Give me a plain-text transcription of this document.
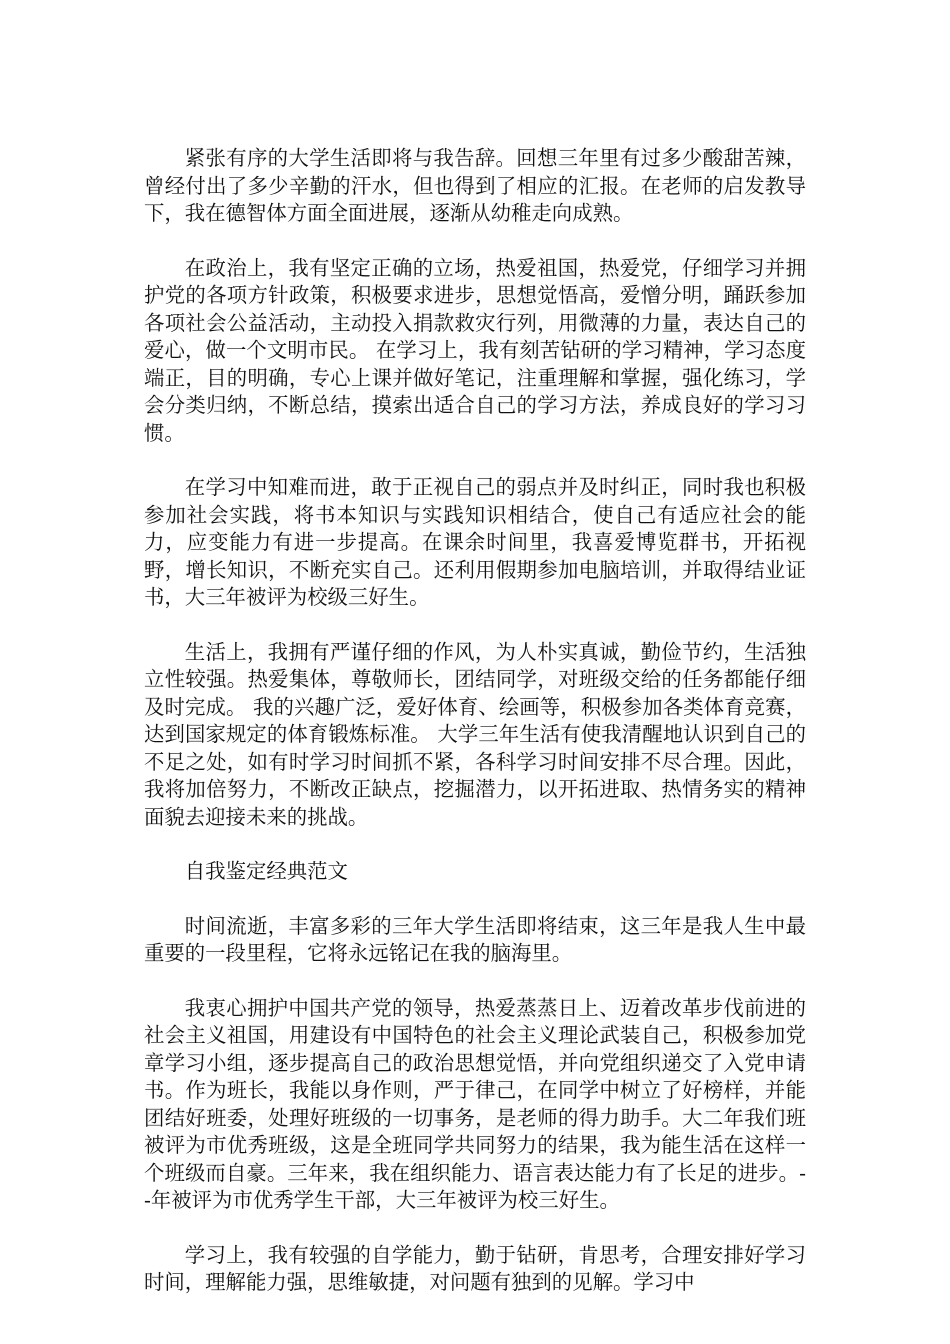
紧张有序的大学生活即将与我告辞。回想三年里有过多少酸甜苦辣，曾经付出了多少辛勤的汗水，但也得到了相应的汇报。在老师的启发教导下，我在德智体方面全面进展，逐渐从幼稚走向成熟。

在政治上，我有坚定正确的立场，热爱祖国，热爱党，仔细学习并拥护党的各项方针政策，积极要求进步，思想觉悟高，爱憎分明，踊跃参加各项社会公益活动，主动投入捐款救灾行列，用微薄的力量，表达自己的爱心，做一个文明市民。 在学习上，我有刻苦钻研的学习精神，学习态度端正，目的明确，专心上课并做好笔记，注重理解和掌握，强化练习，学会分类归纳，不断总结，摸索出适合自己的学习方法，养成良好的学习习惯。

在学习中知难而进，敢于正视自己的弱点并及时纠正，同时我也积极参加社会实践，将书本知识与实践知识相结合，使自己有适应社会的能力，应变能力有进一步提高。在课余时间里，我喜爱博览群书，开拓视野，增长知识，不断充实自己。还利用假期参加电脑培训，并取得结业证书，大三年被评为校级三好生。

生活上，我拥有严谨仔细的作风，为人朴实真诚，勤俭节约，生活独立性较强。热爱集体，尊敬师长，团结同学，对班级交给的任务都能仔细及时完成。 我的兴趣广泛，爱好体育、绘画等，积极参加各类体育竞赛，达到国家规定的体育锻炼标准。 大学三年生活有使我清醒地认识到自己的不足之处，如有时学习时间抓不紧，各科学习时间安排不尽合理。因此，我将加倍努力，不断改正缺点，挖掘潜力，以开拓进取、热情务实的精神面貌去迎接未来的挑战。

自我鉴定经典范文

时间流逝，丰富多彩的三年大学生活即将结束，这三年是我人生中最重要的一段里程，它将永远铭记在我的脑海里。

我衷心拥护中国共产党的领导，热爱蒸蒸日上、迈着改革步伐前进的社会主义祖国，用建设有中国特色的社会主义理论武装自己，积极参加党章学习小组，逐步提高自己的政治思想觉悟，并向党组织递交了入党申请书。作为班长，我能以身作则，严于律己，在同学中树立了好榜样，并能团结好班委，处理好班级的一切事务，是老师的得力助手。大二年我们班被评为市优秀班级，这是全班同学共同努力的结果，我为能生活在这样一个班级而自豪。三年来，我在组织能力、语言表达能力有了长足的进步。--年被评为市优秀学生干部，大三年被评为校三好生。

学习上，我有较强的自学能力，勤于钻研，肯思考，合理安排好学习时间，理解能力强，思维敏捷，对问题有独到的见解。学习中
